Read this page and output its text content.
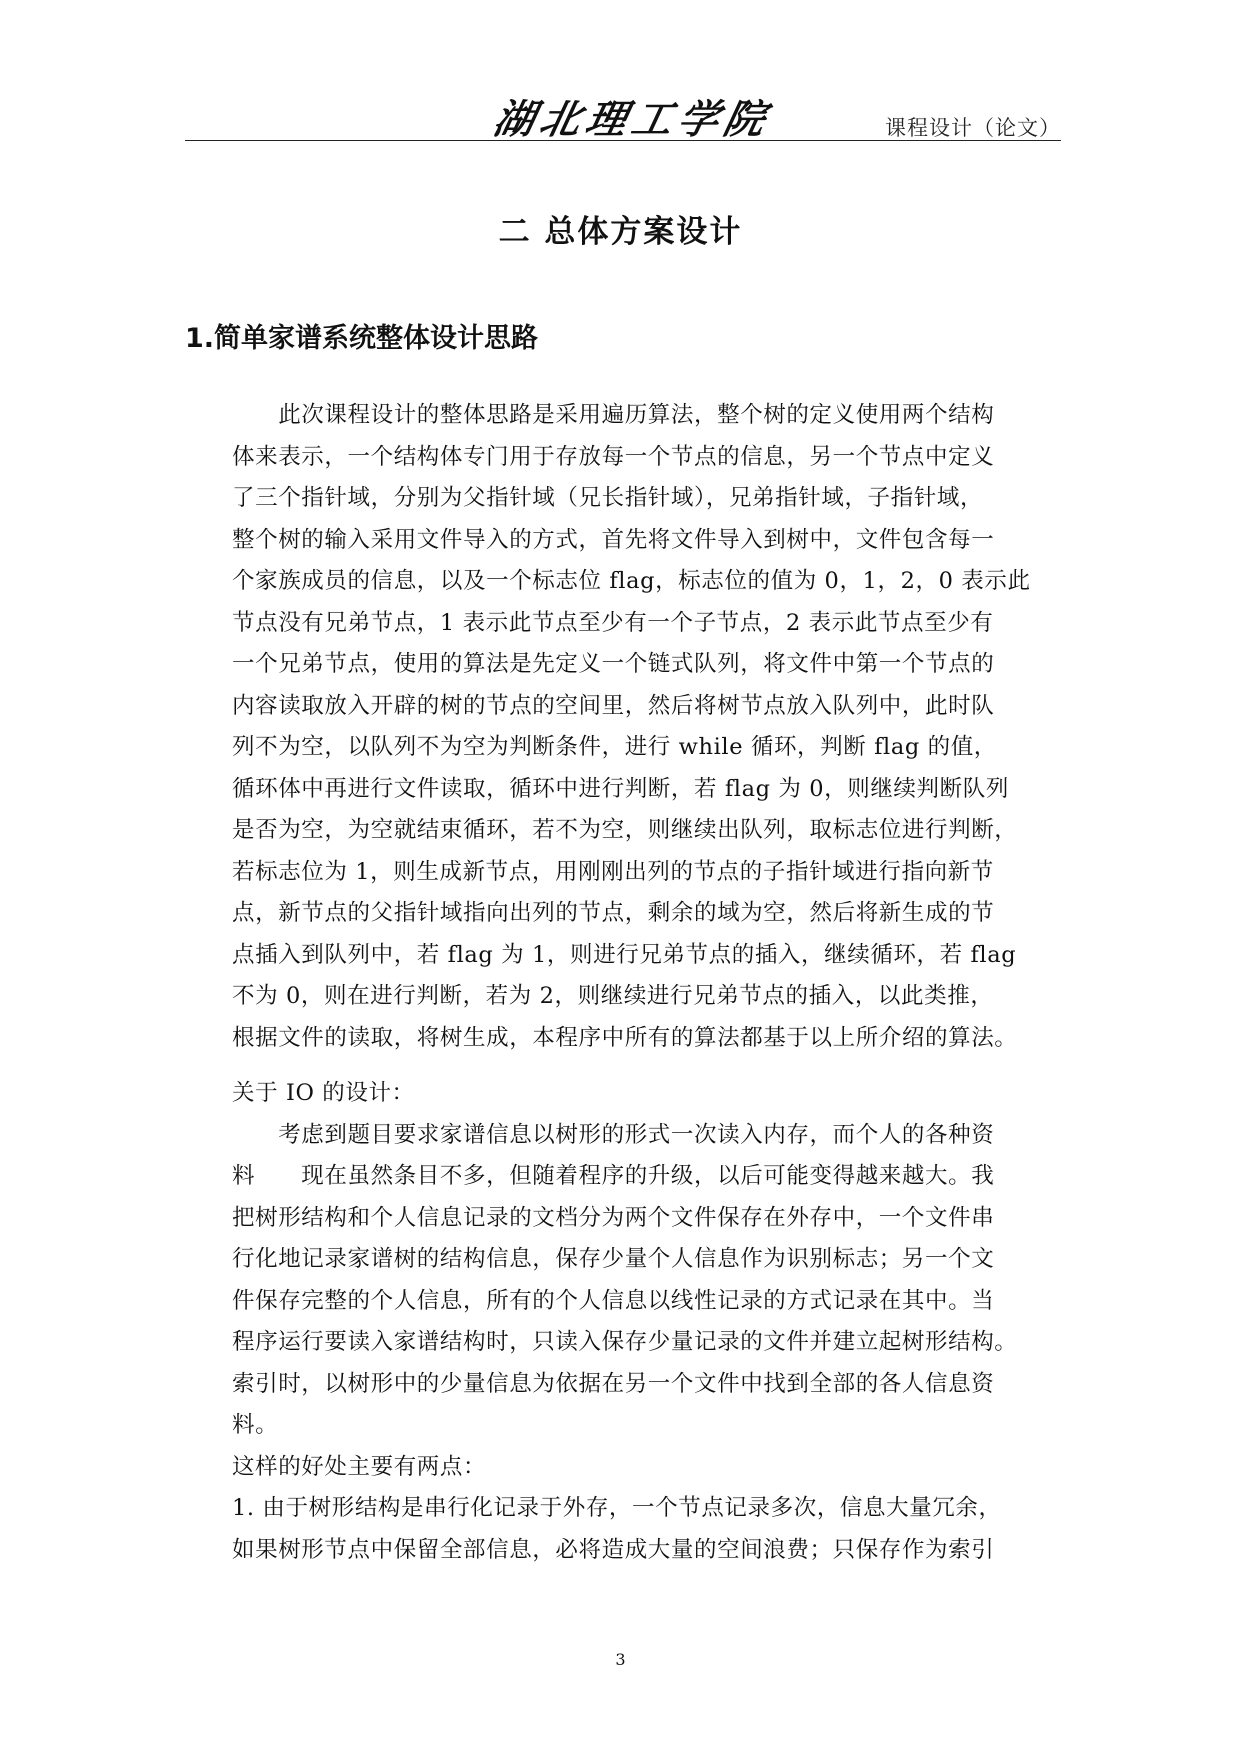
湖北理工学院	课程设计（论文）
二 总体方案设计
1.简单家谱系统整体设计思路
　　此次课程设计的整体思路是采用遍历算法，整个树的定义使用两个结构
体来表示，一个结构体专门用于存放每一个节点的信息，另一个节点中定义
了三个指针域，分别为父指针域（兄长指针域），兄弟指针域，子指针域，
整个树的输入采用文件导入的方式，首先将文件导入到树中，文件包含每一
个家族成员的信息，以及一个标志位 flag，标志位的值为 0，1，2，0 表示此
节点没有兄弟节点，1 表示此节点至少有一个子节点，2 表示此节点至少有
一个兄弟节点，使用的算法是先定义一个链式队列，将文件中第一个节点的
内容读取放入开辟的树的节点的空间里，然后将树节点放入队列中，此时队
列不为空，以队列不为空为判断条件，进行 while 循环，判断 flag 的值，
循环体中再进行文件读取，循环中进行判断，若 flag 为 0，则继续判断队列
是否为空，为空就结束循环，若不为空，则继续出队列，取标志位进行判断，
若标志位为 1，则生成新节点，用刚刚出列的节点的子指针域进行指向新节
点，新节点的父指针域指向出列的节点，剩余的域为空，然后将新生成的节
点插入到队列中，若 flag 为 1，则进行兄弟节点的插入，继续循环，若 flag
不为 0，则在进行判断，若为 2，则继续进行兄弟节点的插入，以此类推，
根据文件的读取，将树生成，本程序中所有的算法都基于以上所介绍的算法。
关于 IO 的设计：
　　考虑到题目要求家谱信息以树形的形式一次读入内存，而个人的各种资
料　　现在虽然条目不多，但随着程序的升级，以后可能变得越来越大。我
把树形结构和个人信息记录的文档分为两个文件保存在外存中，一个文件串
行化地记录家谱树的结构信息，保存少量个人信息作为识别标志；另一个文
件保存完整的个人信息，所有的个人信息以线性记录的方式记录在其中。当
程序运行要读入家谱结构时，只读入保存少量记录的文件并建立起树形结构。
索引时，以树形中的少量信息为依据在另一个文件中找到全部的各人信息资
料。
这样的好处主要有两点：
1. 由于树形结构是串行化记录于外存，一个节点记录多次，信息大量冗余，
如果树形节点中保留全部信息，必将造成大量的空间浪费；只保存作为索引
3
